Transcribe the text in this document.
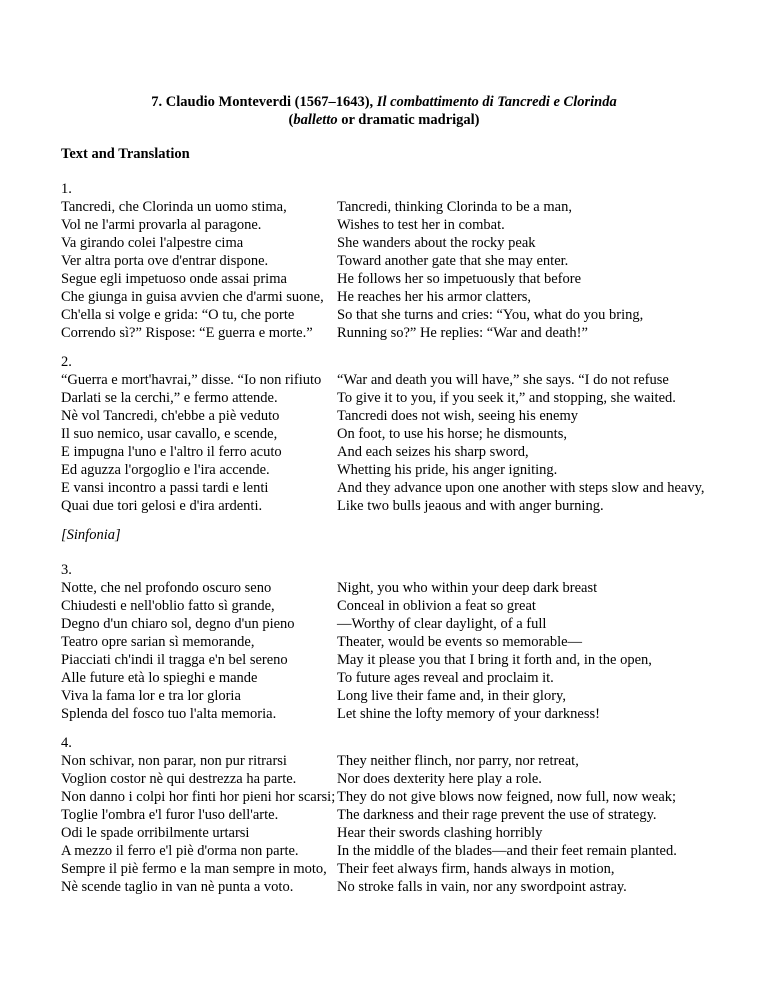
7. Claudio Monteverdi (1567–1643), Il combattimento di Tancredi e Clorinda
(balletto or dramatic madrigal)
Text and Translation
1.
Tancredi, che Clorinda un uomo stima,
Vol ne l'armi provarla al paragone.
Va girando colei l'alpestre cima
Ver altra porta ove d'entrar dispone.
Segue egli impetuoso onde assai prima
Che giunga in guisa avvien che d'armi suone,
Ch'ella si volge e grida: “O tu, che porte
Correndo sì?” Rispose: “E guerra e morte.”
Tancredi, thinking Clorinda to be a man,
Wishes to test her in combat.
She wanders about the rocky peak
Toward another gate that she may enter.
He follows her so impetuously that before
He reaches her his armor clatters,
So that she turns and cries: “You, what do you bring,
Running so?” He replies: “War and death!”
2.
“Guerra e mort'havrai,” disse. “Io non rifiuto
Darlati se la cerchi,” e fermo attende.
Nè vol Tancredi, ch'ebbe a piè veduto
Il suo nemico, usar cavallo, e scende,
E impugna l'uno e l'altro il ferro acuto
Ed aguzza l'orgoglio e l'ira accende.
E vansi incontro a passi tardi e lenti
Quai due tori gelosi e d'ira ardenti.
“War and death you will have,” she says. “I do not refuse
To give it to you, if you seek it,” and stopping, she waited.
Tancredi does not wish, seeing his enemy
On foot, to use his horse; he dismounts,
And each seizes his sharp sword,
Whetting his pride, his anger igniting.
And they advance upon one another with steps slow and heavy,
Like two bulls jeaous and with anger burning.
[Sinfonia]
3.
Notte, che nel profondo oscuro seno
Chiudesti e nell'oblio fatto sì grande,
Degno d'un chiaro sol, degno d'un pieno
Teatro opre sarian sì memorande,
Piacciati ch'indi il tragga e'n bel sereno
Alle future età lo spieghi e mande
Viva la fama lor e tra lor gloria
Splenda del fosco tuo l'alta memoria.
Night, you who within your deep dark breast
Conceal in oblivion a feat so great
—Worthy of clear daylight, of a full
Theater, would be events so memorable—
May it please you that I bring it forth and, in the open,
To future ages reveal and proclaim it.
Long live their fame and, in their glory,
Let shine the lofty memory of your darkness!
4.
Non schivar, non parar, non pur ritrarsi
Voglion costor nè qui destrezza ha parte.
Non danno i colpi hor finti hor pieni hor scarsi;
Toglie l'ombra e'l furor l'uso dell'arte.
Odi le spade orribilmente urtarsi
A mezzo il ferro e'l piè d'orma non parte.
Sempre il piè fermo e la man sempre in moto,
Nè scende taglio in van nè punta a voto.
They neither flinch, nor parry, nor retreat,
Nor does dexterity here play a role.
They do not give blows now feigned, now full, now weak;
The darkness and their rage prevent the use of strategy.
Hear their swords clashing horribly
In the middle of the blades—and their feet remain planted.
Their feet always firm, hands always in motion,
No stroke falls in vain, nor any swordpoint astray.
